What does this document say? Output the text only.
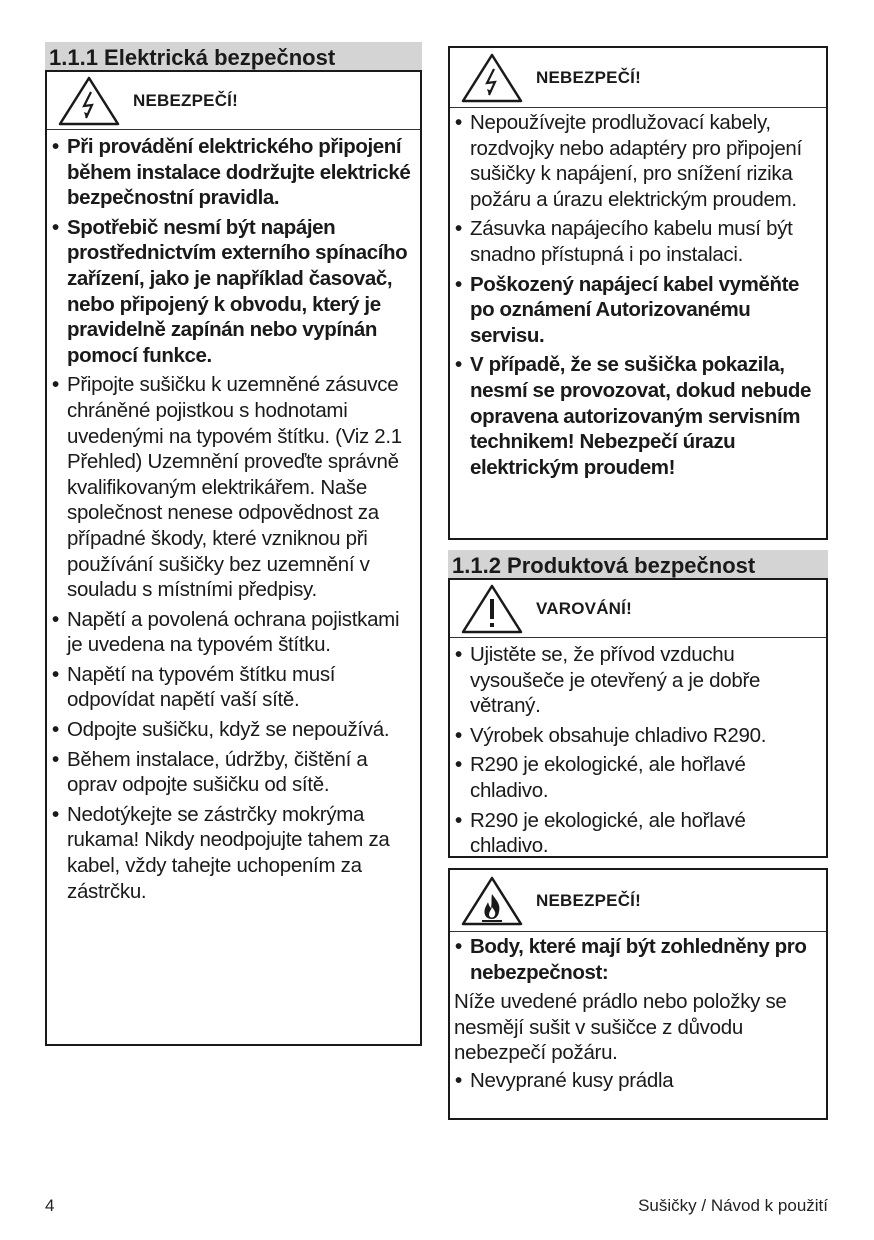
1.1.1 Elektrická bezpečnost
NEBEZPEČÍ!
• Při provádění elektrického připojení během instalace dodržujte elektrické bezpečnostní pravidla.
• Spotřebič nesmí být napájen prostřednictvím externího spínacího zařízení, jako je například časovač, nebo připojený k obvodu, který je pravidelně zapínán nebo vypínán pomocí funkce.
• Připojte sušičku k uzemněné zásuvce chráněné pojistkou s hodnotami uvedenými na typovém štítku. (Viz 2.1 Přehled) Uzemnění proveďte správně kvalifikovaným elektrikářem. Naše společnost nenese odpovědnost za případné škody, které vzniknou při používání sušičky bez uzemnění v souladu s místními předpisy.
• Napětí a povolená ochrana pojistkami je uvedena na typovém štítku.
• Napětí na typovém štítku musí odpovídat napětí vaší sítě.
• Odpojte sušičku, když se nepoužívá.
• Během instalace, údržby, čištění a oprav odpojte sušičku od sítě.
• Nedotýkejte se zástrčky mokrýma rukama! Nikdy neodpojujte tahem za kabel, vždy tahejte uchopením za zástrčku.
NEBEZPEČÍ!
• Nepoužívejte prodlužovací kabely, rozdvojky nebo adaptéry pro připojení sušičky k napájení, pro snížení rizika požáru a úrazu elektrickým proudem.
• Zásuvka napájecího kabelu musí být snadno přístupná i po instalaci.
• Poškozený napájecí kabel vyměňte po oznámení Autorizovanému servisu.
• V případě, že se sušička pokazila, nesmí se provozovat, dokud nebude opravena autorizovaným servisním technikem! Nebezpečí úrazu elektrickým proudem!
1.1.2 Produktová bezpečnost
VAROVÁNÍ!
• Ujistěte se, že přívod vzduchu vysoušeče je otevřený a je dobře větraný.
• Výrobek obsahuje chladivo R290.
• R290 je ekologické, ale hořlavé chladivo.
• R290 je ekologické, ale hořlavé chladivo.
NEBEZPEČÍ!
• Body, které mají být zohledněny pro nebezpečnost:

Níže uvedené prádlo nebo položky se nesmějí sušit v sušičce z důvodu nebezpečí požáru.

• Nevyprané kusy prádla
4	Sušičky / Návod k použití
